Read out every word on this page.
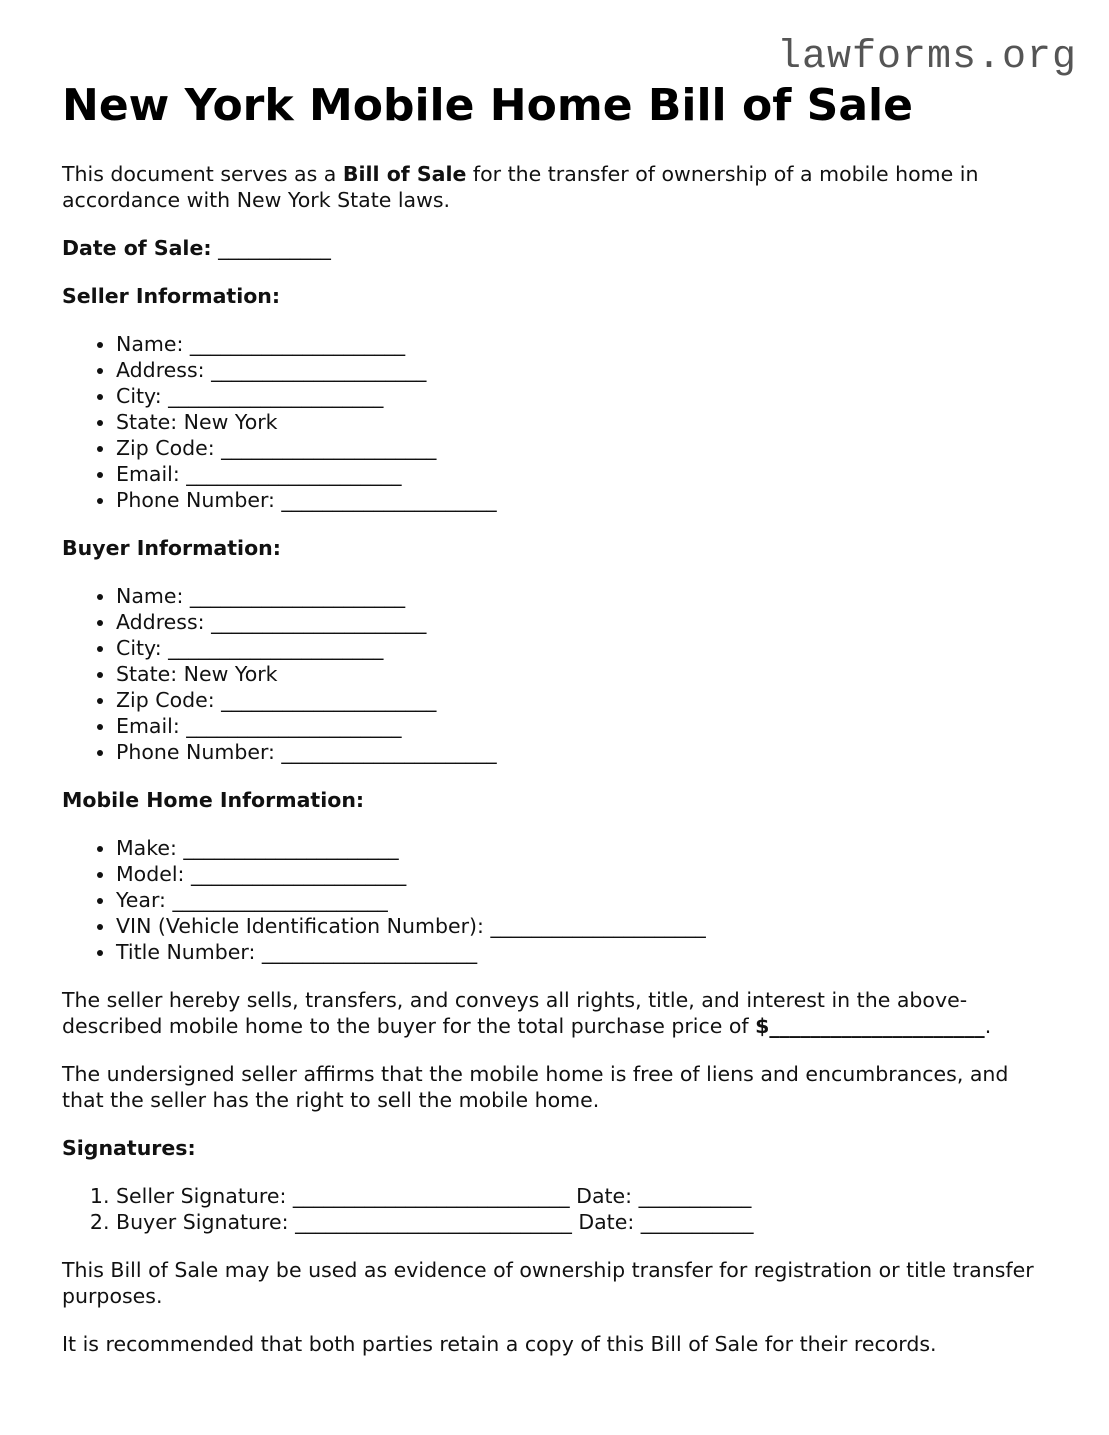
lawforms.org
New York Mobile Home Bill of Sale

This document serves as a Bill of Sale for the transfer of ownership of a mobile home in accordance with New York State laws.

Date of Sale: ___________

Seller Information:

• Name: _____________________
• Address: _____________________
• City: _____________________
• State: New York
• Zip Code: _____________________
• Email: _____________________
• Phone Number: _____________________

Buyer Information:

• Name: _____________________
• Address: _____________________
• City: _____________________
• State: New York
• Zip Code: _____________________
• Email: _____________________
• Phone Number: _____________________

Mobile Home Information:

• Make: _____________________
• Model: _____________________
• Year: _____________________
• VIN (Vehicle Identification Number): _____________________
• Title Number: _____________________

The seller hereby sells, transfers, and conveys all rights, title, and interest in the above-described mobile home to the buyer for the total purchase price of $_____________________.

The undersigned seller affirms that the mobile home is free of liens and encumbrances, and that the seller has the right to sell the mobile home.

Signatures:

1. Seller Signature: ___________________________ Date: ___________
2. Buyer Signature: ___________________________ Date: ___________

This Bill of Sale may be used as evidence of ownership transfer for registration or title transfer purposes.

It is recommended that both parties retain a copy of this Bill of Sale for their records.
